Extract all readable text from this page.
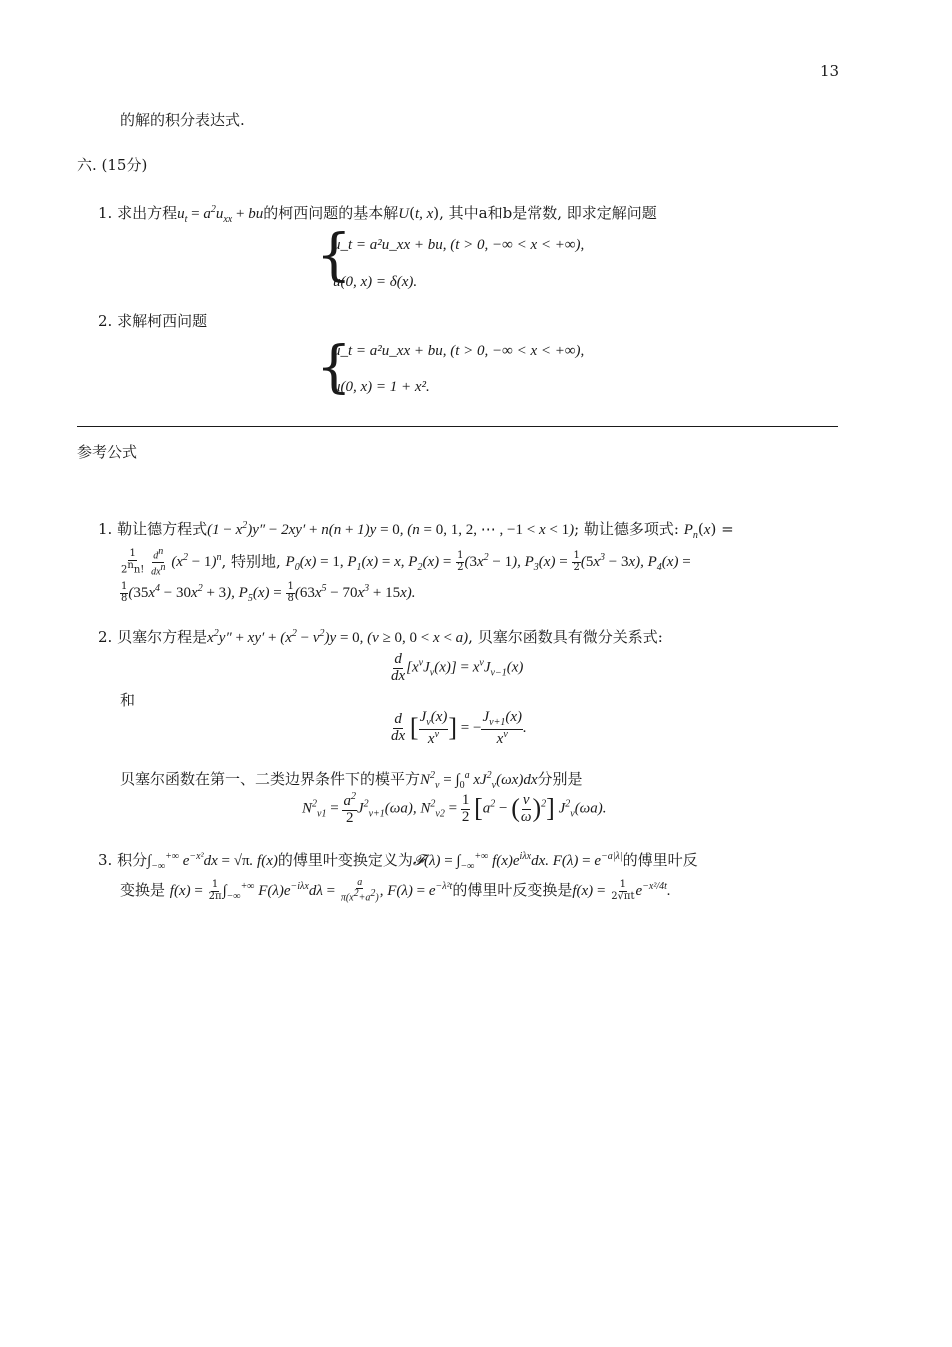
13
的解的积分表达式.
六. (15分)
1. 求出方程$u_t = a^2u_{xx}$ + bu的柯西问题的基本解U(t, x), 其中a和b是常数, 即求定解问题
{
u_t = a²u_xx + bu, (t > 0, −∞ < x < +∞),
u(0, x) = δ(x).
2. 求解柯西问题
{
u_t = a²u_xx + bu, (t > 0, −∞ < x < +∞),
u(0, x) = 1 + x².
参考公式
1. 勒让德方程式$(1 - x^2)y'' - 2xy' + n(n + 1)y = 0$, (n = 0, 1, 2, ⋯ , −1 < x < 1); 勒让德多项式: $P_n(x)$ =
$\frac{1}{2^nn!}$
$\frac{d^n}{dx^n} (x^2 - 1)^n$, 特别地, $P_0(x) = 1$, $P_1(x) = x$, $P_2(x) = \frac{1}{2} (3x^2 - 1)$, $P_3(x) = \frac{1}{2} (5x^3 - 3x)$, $P_4(x)$ =
$\frac{1}{8} (35x^4 - 30x^2 + 3)$, $P_5(x) = \frac{1}{8} (63x^5 - 70x^3 + 15x)$.
2. 贝塞尔方程是$x^2y'' + xy' + (x^2 - \nu^2)y = 0$, (ν ≥ 0, 0 < x < a), 贝塞尔函数具有微分关系式:
$\frac{d}{dx} [x^\nu J_\nu(x)] = x^\nu J_{\nu-1}(x)$
和
$\frac{d}{dx}$ [ $\frac{J_\nu(x)}{x^\nu}$ ] = − $\frac{J_{\nu+1}(x)}{x^\nu}$ .
贝塞尔函数在第一、二类边界条件下的模平方$N^2_\nu = \int_0^a$ $xJ^2_\nu(\omega x)dx$分别是
$N^2_{\nu 1} = \frac{a^2}{2} J^2_{\nu+1}(\omega a)$, $N^2_{\nu 2} = \frac{1}{2} [a^2$ − ( $\frac{\nu}{\omega} )^2$] $J^2_\nu(\omega a)$.
3. 积分$\int_{-\infty}^{+\infty}$ $e^{-x^2}dx = √\pi$. f(x)的傅里叶变换定义为𝓕(λ) = $\int_{-\infty}^{+\infty}$ $f(x)e^{i\lambda x}dx$. $F(\lambda) = e^{-a|\lambda|}$的傅里叶反
变换是 $f(x) = \frac{1}{2\pi} \int_{-\infty}^{+\infty}$ $F(\lambda)e^{-i\lambda x}d\lambda = \frac{a}{\pi(x^2+a^2)}$ , $F(\lambda) = e^{-\lambda^2t}$的傅里叶反变换是$f(x) = \frac{1}{2√\pi t} e^{-x^2/4t}$.
